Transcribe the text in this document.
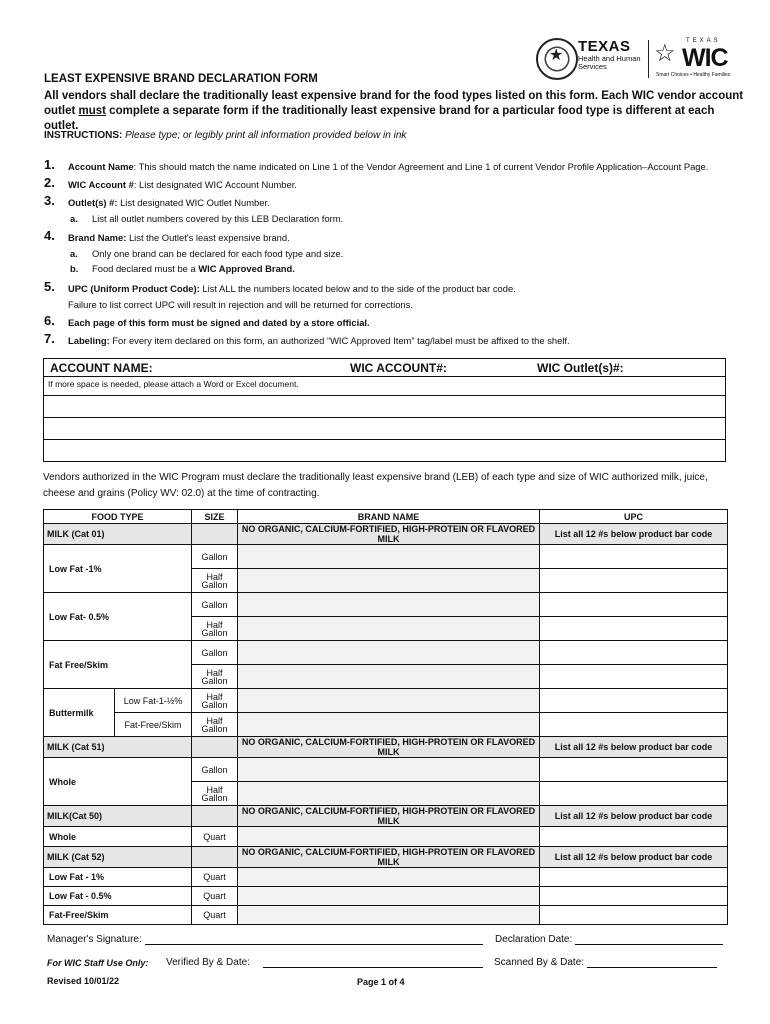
★
TEXAS
Health and Human
Services
TEXAS
☆ WIC
Smart Choices • Healthy Families
LEAST EXPENSIVE BRAND DECLARATION FORM
All vendors shall declare the traditionally least expensive brand for the food types listed on this form. Each WIC vendor account outlet must complete a separate form if the traditionally least expensive brand for a particular food type is different at each outlet.
INSTRUCTIONS: Please type; or legibly print all information provided below in ink
1. Account Name: This should match the name indicated on Line 1 of the Vendor Agreement and Line 1 of current Vendor Profile Application–Account Page.
2. WIC Account #: List designated WIC Account Number.
3. Outlet(s) #: List designated WIC Outlet Number.
a. List all outlet numbers covered by this LEB Declaration form.
4. Brand Name: List the Outlet's least expensive brand.
a. Only one brand can be declared for each food type and size.
b. Food declared must be a WIC Approved Brand.
5. UPC (Uniform Product Code): List ALL the numbers located below and to the side of the product bar code.
Failure to list correct UPC will result in rejection and will be returned for corrections.
6. Each page of this form must be signed and dated by a store official.
7. Labeling: For every item declared on this form, an authorized “WIC Approved Item” tag/label must be affixed to the shelf.
ACCOUNT NAME:	WIC ACCOUNT#:	WIC Outlet(s)#:
If more space is needed, please attach a Word or Excel document.
Vendors authorized in the WIC Program must declare the traditionally least expensive brand (LEB) of each type and size of WIC authorized milk, juice, cheese and grains (Policy WV: 02.0) at the time of contracting.
FOOD TYPE		SIZE	BRAND NAME	UPC
MILK (Cat 01)			NO ORGANIC, CALCIUM-FORTIFIED, HIGH-PROTEIN OR FLAVORED MILK	List all 12 #s below product bar code
Low Fat -1%		Gallon		

		Half
Gallon		

Low Fat- 0.5%		Gallon		

		Half
Gallon		

Fat Free/Skim		Gallon		

		Half
Gallon		

Buttermilk	Low Fat-1-½%	Half
Gallon		

	Fat-Free/Skim	Half
Gallon		

MILK (Cat 51)			NO ORGANIC, CALCIUM-FORTIFIED, HIGH-PROTEIN OR FLAVORED MILK	List all 12 #s below product bar code
Whole		Gallon		

		Half
Gallon		

MILK(Cat 50)			NO ORGANIC, CALCIUM-FORTIFIED, HIGH-PROTEIN OR FLAVORED MILK	List all 12 #s below product bar code
Whole		Quart		

MILK (Cat 52)			NO ORGANIC, CALCIUM-FORTIFIED, HIGH-PROTEIN OR FLAVORED MILK	List all 12 #s below product bar code
Low Fat - 1%		Quart		

Low Fat - 0.5%		Quart		

Fat-Free/Skim		Quart		
Manager's Signature:	Declaration Date:
For WIC Staff Use Only: Verified By & Date:	Scanned By & Date:
Revised 10/01/22	Page 1 of 4
